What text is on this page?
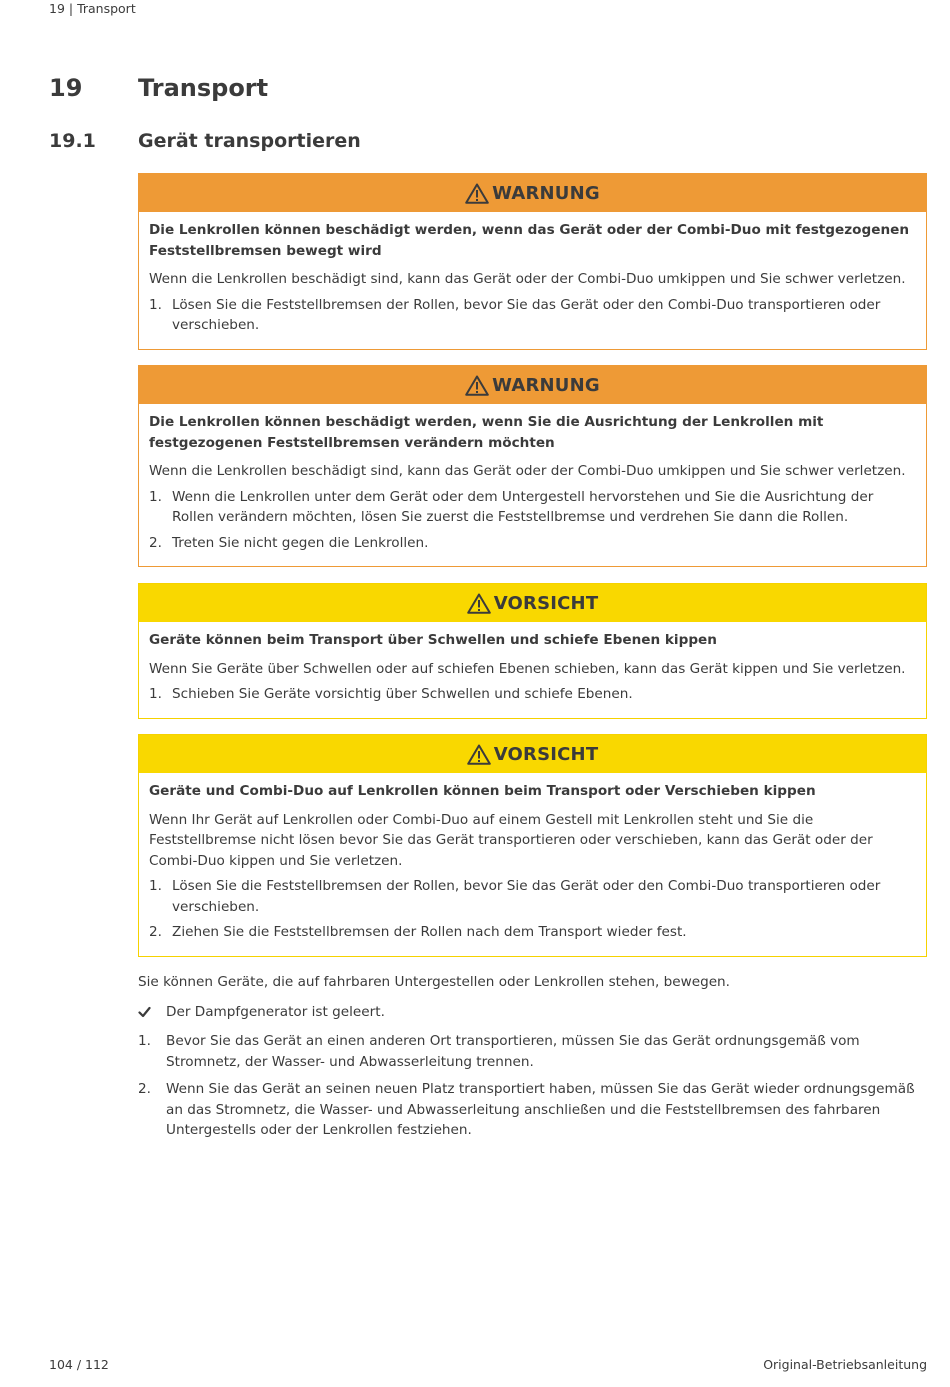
19 | Transport
19 Transport
19.1 Gerät transportieren
WARNUNG
Die Lenkrollen können beschädigt werden, wenn das Gerät oder der Combi-Duo mit festgezogenen Feststellbremsen bewegt wird
Wenn die Lenkrollen beschädigt sind, kann das Gerät oder der Combi-Duo umkippen und Sie schwer verletzen.
1. Lösen Sie die Feststellbremsen der Rollen, bevor Sie das Gerät oder den Combi-Duo transportieren oder verschieben.
WARNUNG
Die Lenkrollen können beschädigt werden, wenn Sie die Ausrichtung der Lenkrollen mit festgezogenen Feststellbremsen verändern möchten
Wenn die Lenkrollen beschädigt sind, kann das Gerät oder der Combi-Duo umkippen und Sie schwer verletzen.
1. Wenn die Lenkrollen unter dem Gerät oder dem Untergestell hervorstehen und Sie die Ausrichtung der Rollen verändern möchten, lösen Sie zuerst die Feststellbremse und verdrehen Sie dann die Rollen.
2. Treten Sie nicht gegen die Lenkrollen.
VORSICHT
Geräte können beim Transport über Schwellen und schiefe Ebenen kippen
Wenn Sie Geräte über Schwellen oder auf schiefen Ebenen schieben, kann das Gerät kippen und Sie verletzen.
1. Schieben Sie Geräte vorsichtig über Schwellen und schiefe Ebenen.
VORSICHT
Geräte und Combi-Duo auf Lenkrollen können beim Transport oder Verschieben kippen
Wenn Ihr Gerät auf Lenkrollen oder Combi-Duo auf einem Gestell mit Lenkrollen steht und Sie die Feststellbremse nicht lösen bevor Sie das Gerät transportieren oder verschieben, kann das Gerät oder der Combi-Duo kippen und Sie verletzen.
1. Lösen Sie die Feststellbremsen der Rollen, bevor Sie das Gerät oder den Combi-Duo transportieren oder verschieben.
2. Ziehen Sie die Feststellbremsen der Rollen nach dem Transport wieder fest.
Sie können Geräte, die auf fahrbaren Untergestellen oder Lenkrollen stehen, bewegen.
Der Dampfgenerator ist geleert.
1.	Bevor Sie das Gerät an einen anderen Ort transportieren, müssen Sie das Gerät ordnungsgemäß vom Stromnetz, der Wasser- und Abwasserleitung trennen.
2.	Wenn Sie das Gerät an seinen neuen Platz transportiert haben, müssen Sie das Gerät wieder ordnungsgemäß an das Stromnetz, die Wasser- und Abwasserleitung anschließen und die Feststellbremsen des fahrbaren Untergestells oder der Lenkrollen festziehen.
104 / 112	Original-Betriebsanleitung
